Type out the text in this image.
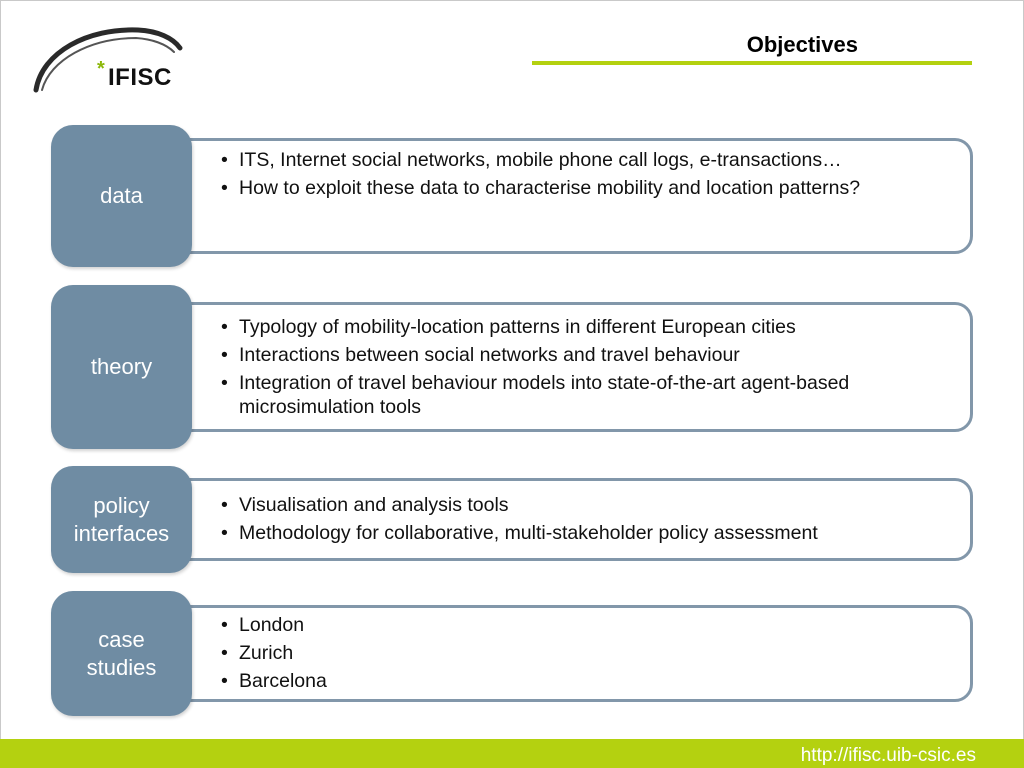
* IFISC
Objectives
data
• ITS, Internet social networks, mobile phone call logs, e-transactions…
• How to exploit these data to characterise mobility and location patterns?
theory
• Typology of mobility-location patterns in different European cities
• Interactions between social networks and travel behaviour
• Integration of travel behaviour models into state-of-the-art agent-based microsimulation tools
policy
interfaces
• Visualisation and analysis tools
• Methodology for collaborative, multi-stakeholder policy assessment
case
studies
• London
• Zurich
• Barcelona
http://ifisc.uib-csic.es
